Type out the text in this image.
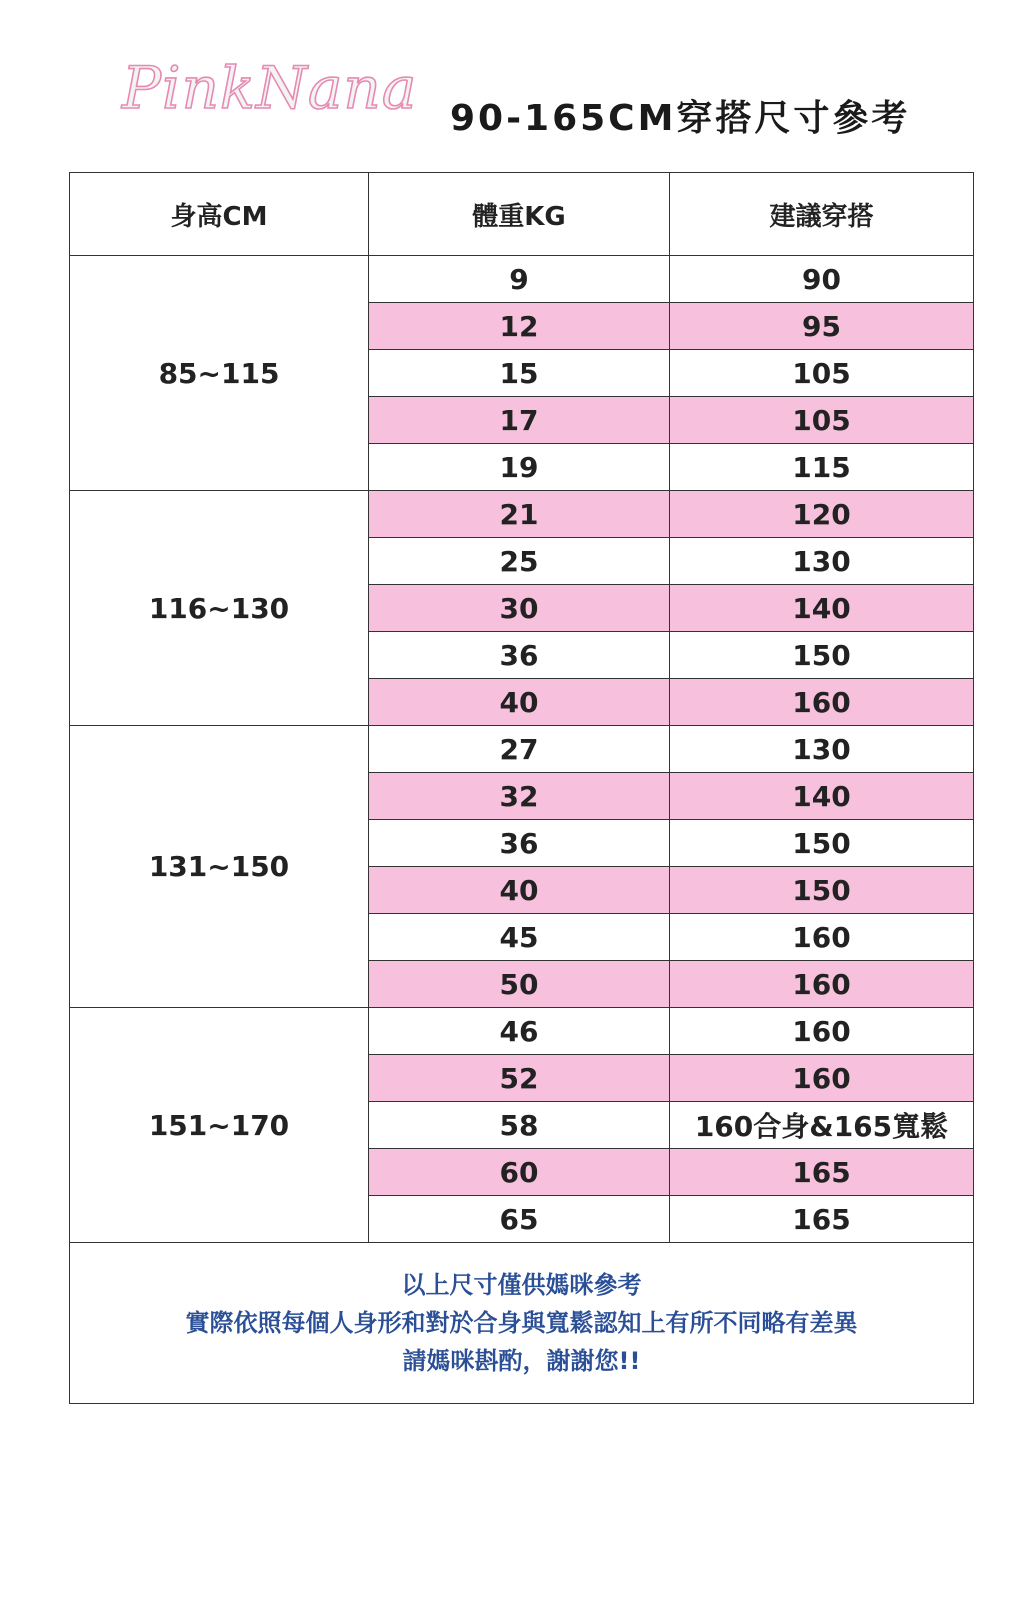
PinkNana 90-165CM穿搭尺寸參考
身高CM	體重KG	建議穿搭
85~115	9	90
	12	95
	15	105
	17	105
	19	115
116~130	21	120
	25	130
	30	140
	36	150
	40	160
131~150	27	130
	32	140
	36	150
	40	150
	45	160
	50	160
151~170	46	160
	52	160
	58	160合身&165寬鬆
	60	165
	65	165

以上尺寸僅供媽咪參考
實際依照每個人身形和對於合身與寬鬆認知上有所不同略有差異
請媽咪斟酌，謝謝您!!		
